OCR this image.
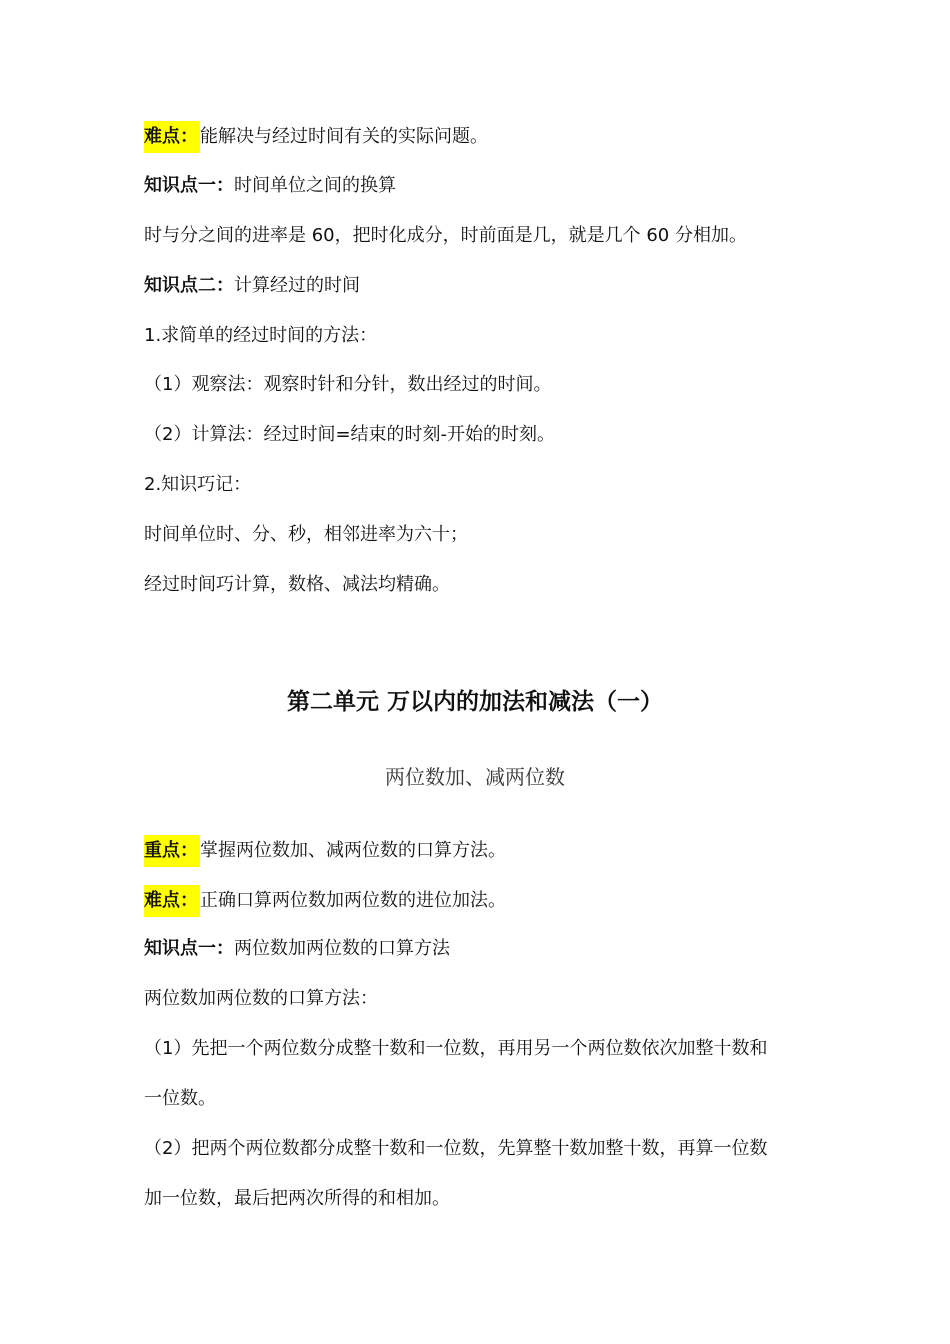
难点： 能解决与经过时间有关的实际问题。
知识点一：时间单位之间的换算
时与分之间的进率是 60，把时化成分，时前面是几，就是几个 60 分相加。
知识点二：计算经过的时间
1.求简单的经过时间的方法：
（1）观察法：观察时针和分针，数出经过的时间。
（2）计算法：经过时间=结束的时刻-开始的时刻。
2.知识巧记：
时间单位时、分、秒，相邻进率为六十；
经过时间巧计算，数格、减法均精确。
第二单元 万以内的加法和减法（一）
两位数加、减两位数
重点： 掌握两位数加、减两位数的口算方法。
难点： 正确口算两位数加两位数的进位加法。
知识点一：两位数加两位数的口算方法
两位数加两位数的口算方法：
（1）先把一个两位数分成整十数和一位数，再用另一个两位数依次加整十数和
一位数。
（2）把两个两位数都分成整十数和一位数，先算整十数加整十数，再算一位数
加一位数，最后把两次所得的和相加。
